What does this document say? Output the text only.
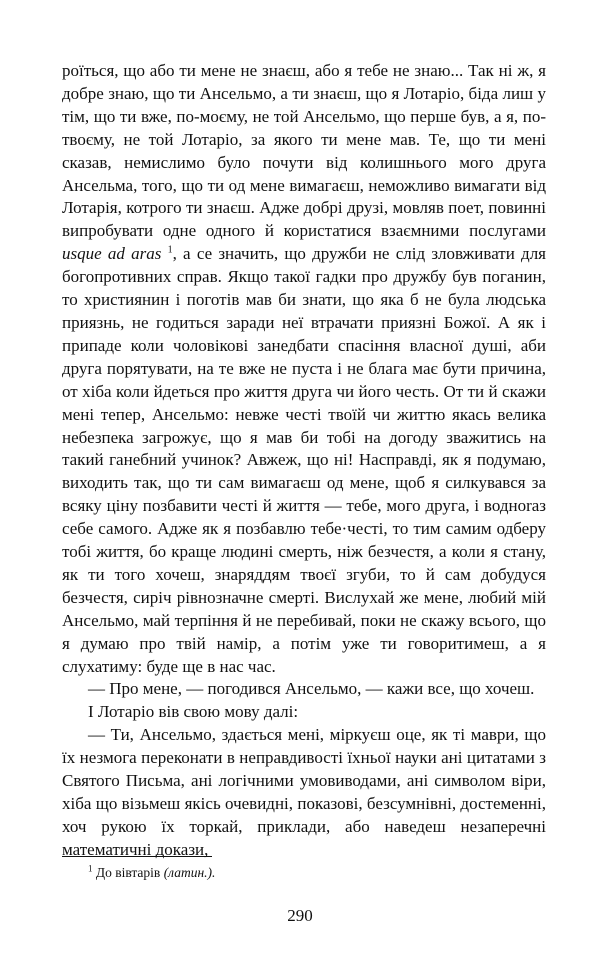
роїться, що або ти мене не знаєш, або я тебе не знаю... Так ні ж, я добре знаю, що ти Ансельмо, а ти знаєш, що я Лотаріо, біда лиш у тім, що ти вже, по-моєму, не той Ансельмо, що перше був, а я, по-твоєму, не той Лотаріо, за якого ти мене мав. Те, що ти мені сказав, немислимо було почути від колишнього мого друга Ансельма, того, що ти од мене вимагаєш, неможливо вимагати від Лотарія, котрого ти знаєш. Адже добрі друзі, мовляв поет, повинні випробувати одне одного й користатися взаємними послугами usque ad aras $^1$, а се значить, що дружби не слід зловживати для богопротивних справ. Якщо такої гадки про дружбу був поганин, то християнин і поготів мав би знати, що яка б не була людська приязнь, не годиться заради неї втрачати приязні Божої. А як і припаде коли чоловікові занедбати спасіння власної душі, аби друга порятувати, на те вже не пуста і не блага має бути причина, от хіба коли йдеться про життя друга чи його честь. От ти й скажи мені тепер, Ансельмо: невже честі твоїй чи життю якась велика небезпека загрожує, що я мав би тобі на догоду зважитись на такий ганебний учинок? Авжеж, що ні! Насправді, як я подумаю, виходить так, що ти сам вимагаєш од мене, щоб я силкувався за всяку ціну позбавити честі й життя — тебе, мого друга, і водноraз себе самого. Адже як я позбавлю тебе·честі, то тим самим одберу тобі життя, бо краще людині смерть, ніж безчестя, а коли я стану, як ти того хочеш, знаряддям твоєї згуби, то й сам добудуся безчестя, сиріч рівнозначне смерті. Вислухай же мене, любий мій Ансельмо, май терпіння й не перебивай, поки не скажу всього, що я думаю про твій намір, а потім уже ти говоритимеш, а я слухатиму: буде ще в нас час.

— Про мене, — погодився Ансельмо, — кажи все, що хочеш.

І Лотаріо вів свою мову далі:

— Ти, Ансельмо, здається мені, міркуєш оце, як ті маври, що їх незмога переконати в неправдивості їхньої науки ані цитатами з Святого Письма, ані логічними умовиводами, ані символом віри, хіба що візьмеш якісь очевидні, показові, безсумнівні, достеменні, хоч рукою їх торкай, приклади, або наведеш незаперечні математичні докази,

$^1$ До вівтарів (латин.).
290
